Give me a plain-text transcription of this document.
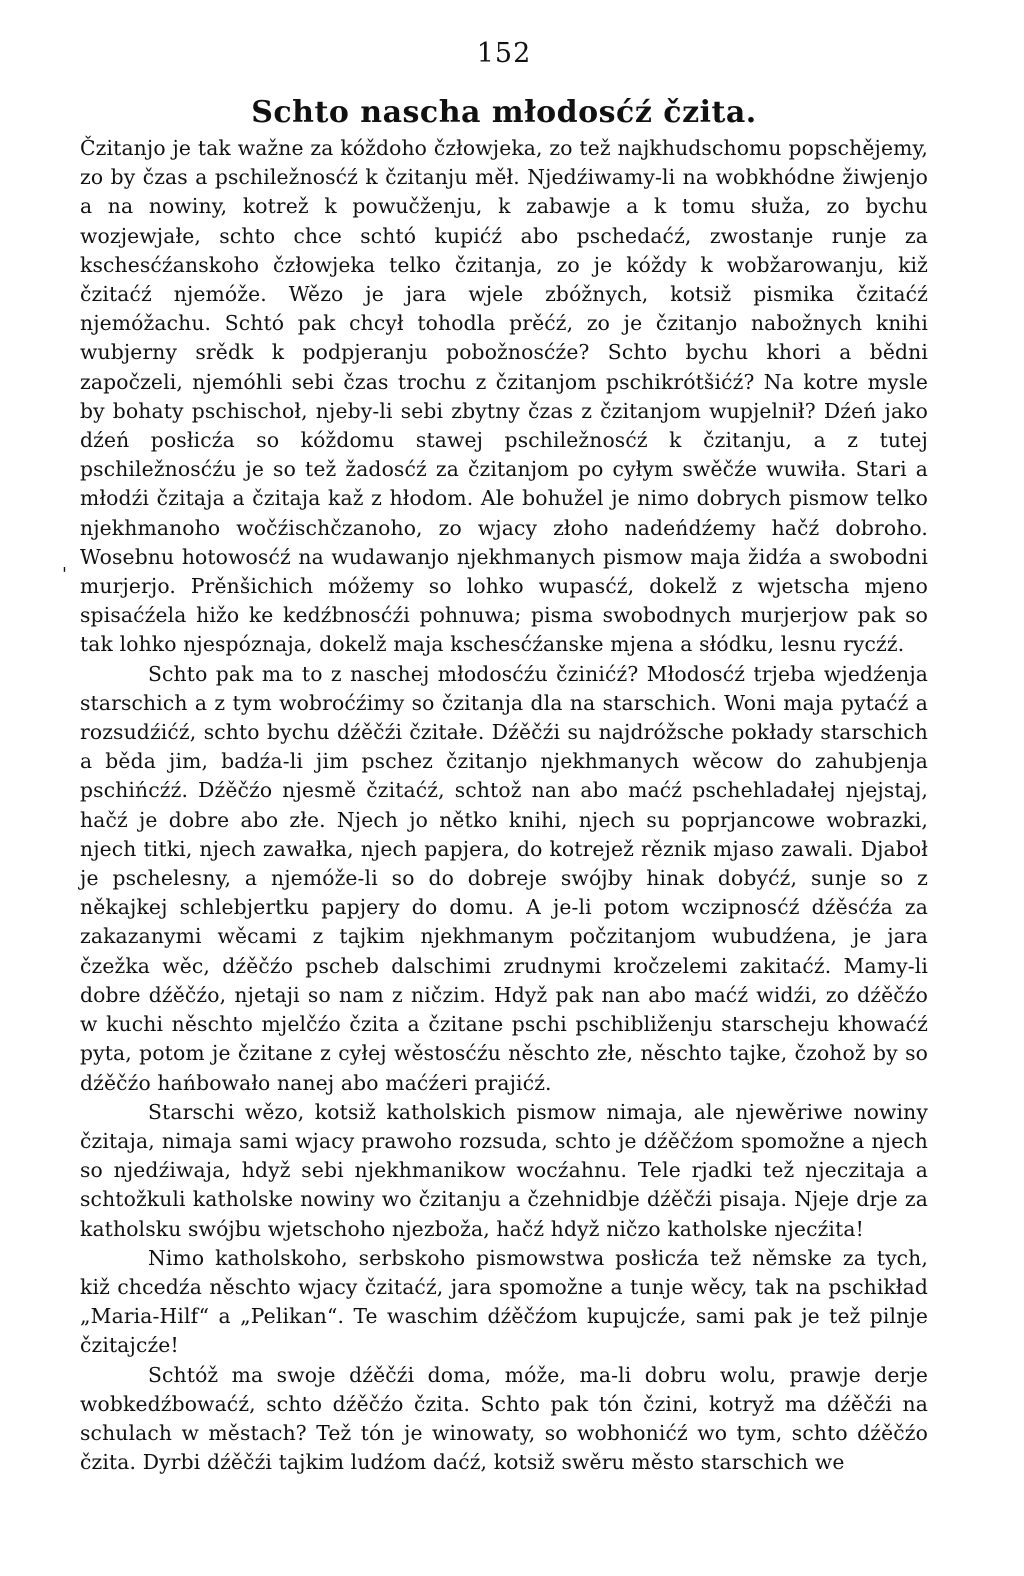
152
Schto nascha młodosćź čzita.

Čzitanjo je tak wažne za kóždoho čzłowjeka, zo tež najkhudschomu popschějemy, zo by čzas a pschiležnosćź k čzitanju měł. Njedźiwamy-li na wobkhódne žiwjenjo a na nowiny, kotrež k powučženju, k zabawje a k tomu słuža, zo bychu wozjewjałe, schto chce schtó kupićź abo pschedaćź, zwostanje runje za kschesćźanskoho čzłowjeka telko čzitanja, zo je kóždy k wobžarowanju, kiž čzitaćź njemóže. Wězo je jara wjele zbóžnych, kotsiž pismika čzitaćź njemóžachu. Schtó pak chcył tohodla prěćź, zo je čzitanjo nabožnych knihi wubjerny srědk k podpjeranju pobožnosćźe? Schto bychu khori a bědni započzeli, njemóhli sebi čzas trochu z čzitanjom pschikrótšićź? Na kotre mysle by bohaty pschischoł, njeby-li sebi zbytny čzas z čzitanjom wupjelnił? Dźeń jako dźeń posłicźa so kóždomu stawej pschiležnosćź k čzitanju, a z tutej pschiležnosćźu je so tež žadosćź za čzitanjom po cyłym swěčźe wuwiła. Stari a młodźi čzitaja a čzitaja kaž z hłodom. Ale bohužel je nimo dobrych pismow telko njekhmanoho wočźischčzanoho, zo wjacy złoho nadeńdźemy hačź dobroho. Wosebnu hotowosćź na wudawanjo njekhmanych pismow maja židźa a swobodni murjerjo. Prěnšichich móžemy so lohko wupasćź, dokelž z wjetscha mjeno spisaćźela hižo ke kedźbnosćźi pohnuwa; pisma swobodnych murjerjow pak so tak lohko njespóznaja, dokelž maja kschesćźanske mjena a słódku, lesnu rycźź.

Schto pak ma to z naschej młodosćźu čzinićź? Młodosćź trjeba wjedźenja starschich a z tym wobroćźimy so čzitanja dla na starschich. Woni maja pytaćź a rozsudźićź, schto bychu dźěčźi čzitałe. Dźěčźi su najdróžsche pokłady starschich a běda jim, badźa-li jim pschez čzitanjo njekhmanych wěcow do zahubjenja pschińcźź. Dźěčźo njesmě čzitaćź, schtož nan abo maćź pschehladałej njejstaj, hačź je dobre abo złe. Njech jo nětko knihi, njech su poprjancowe wobrazki, njech titki, njech zawałka, njech papjera, do kotrejež rěznik mjaso zawali. Djaboł je pschelesny, a njemóže-li so do dobreje swójby hinak dobyćź, sunje so z někajkej schlebjertku papjery do domu. A je-li potom wczipnosćź dźěsćźa za zakazanymi wěcami z tajkim njekhmanym počzitanjom wubudźena, je jara čzežka wěc, dźěčźo pscheb dalschimi zrudnymi kročzelemi zakitaćź. Mamy-li dobre dźěčźo, njetaji so nam z ničzim. Hdyž pak nan abo maćź widźi, zo dźěčźo w kuchi něschto mjelčźo čzita a čzitane pschi pschibliženju starscheju khowaćź pyta, potom je čzitane z cyłej wěstosćźu něschto złe, něschto tajke, čzohož by so dźěčźo hańbowało nanej abo maćźeri prajićź.

Starschi wězo, kotsiž katholskich pismow nimaja, ale njewěriwe nowiny čzitaja, nimaja sami wjacy prawoho rozsuda, schto je dźěčźom spomožne a njech so njedźiwaja, hdyž sebi njekhmanikow wocźahnu. Tele rjadki tež njeczitaja a schtožkuli katholske nowiny wo čzitanju a čzehnidbje dźěčźi pisaja. Njeje drje za katholsku swójbu wjetschoho njezboža, hačź hdyž ničzo katholske njecźita!

Nimo katholskoho, serbskoho pismowstwa posłicźa tež němske za tych, kiž chcedźa něschto wjacy čzitaćź, jara spomožne a tunje wěcy, tak na pschikład „Maria-Hilf“ a „Pelikan“. Te waschim dźěčźom kupujcźe, sami pak je tež pilnje čzitajcźe!

Schtóž ma swoje dźěčźi doma, móže, ma-li dobru wolu, prawje derje wobkedźbowaćź, schto dźěčźo čzita. Schto pak tón čzini, kotryž ma dźěčźi na schulach w městach? Tež tón je winowaty, so wobhonićź wo tym, schto dźěčźo čzita. Dyrbi dźěčźi tajkim ludźom daćź, kotsiž swěru město starschich we

'
